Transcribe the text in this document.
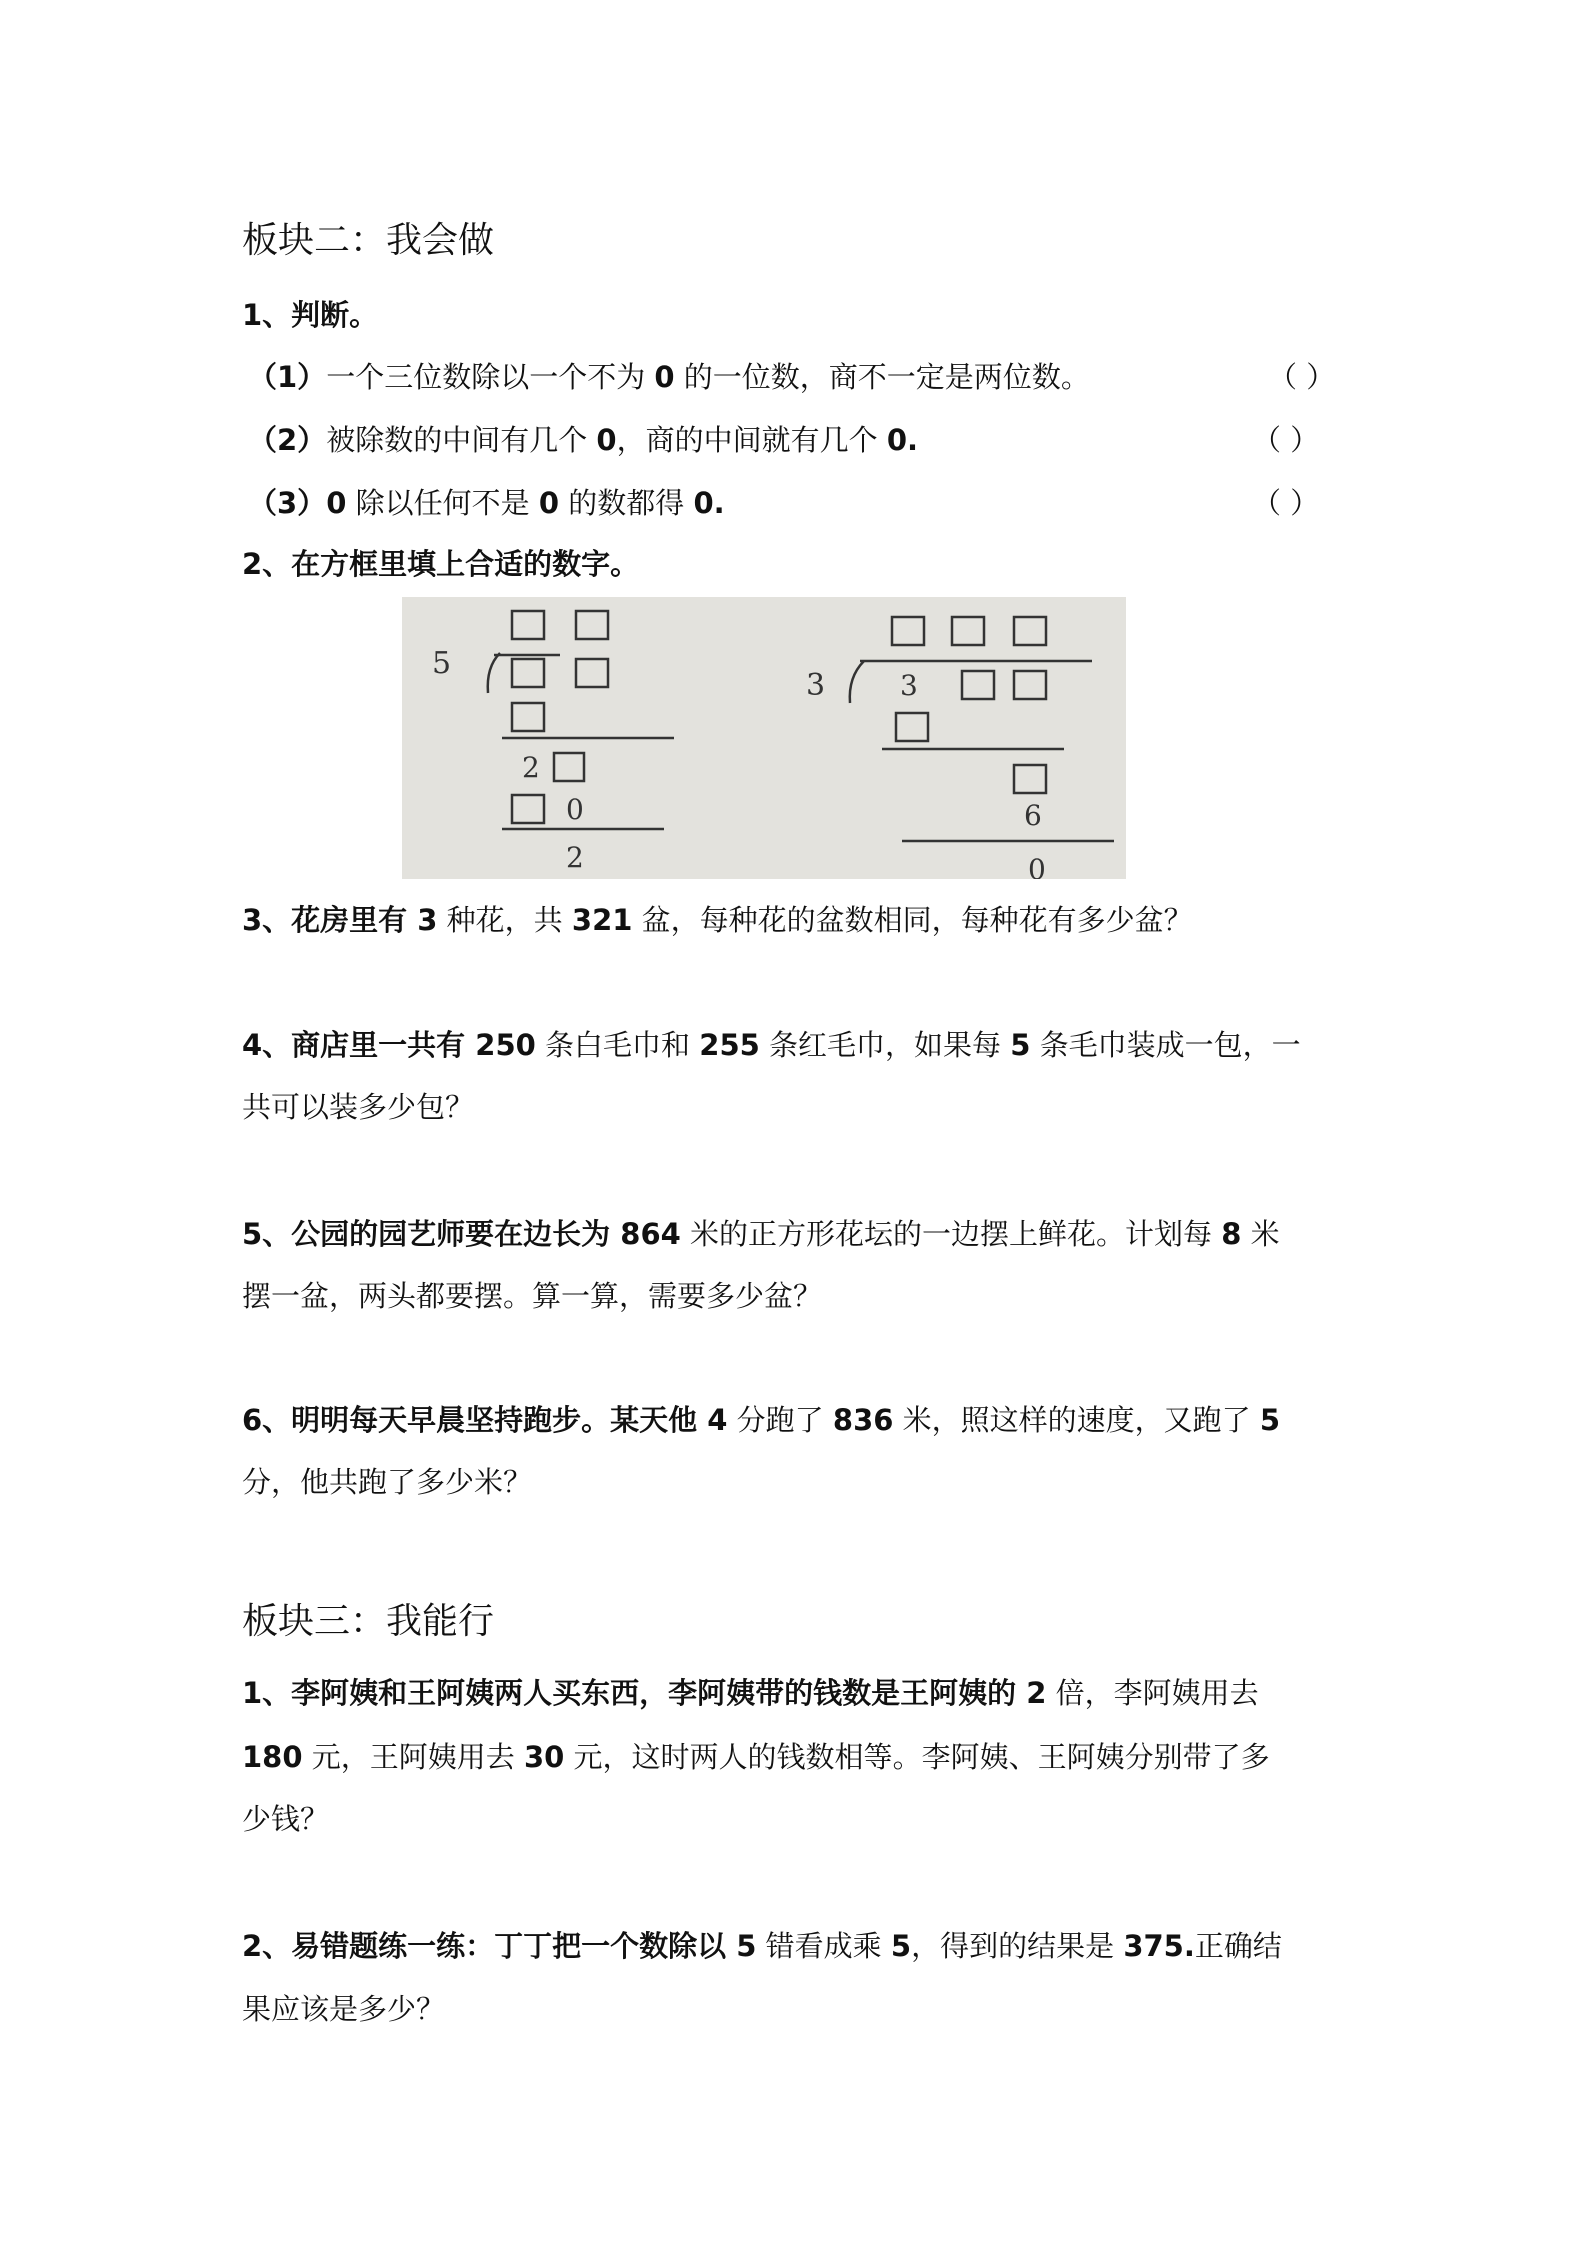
板块二：我会做
1、判断。
（1）一个三位数除以一个不为 0 的一位数，商不一定是两位数。	（ ）
（2）被除数的中间有几个 0，商的中间就有几个 0.	（ ）
（3）0 除以任何不是 0 的数都得 0.	（ ）
2、在方框里填上合适的数字。
5
2
0
2
3	3
6
0
3、花房里有 3 种花，共 321 盆，每种花的盆数相同，每种花有多少盆？
4、商店里一共有 250 条白毛巾和 255 条红毛巾，如果每 5 条毛巾装成一包，一
共可以装多少包？
5、公园的园艺师要在边长为 864 米的正方形花坛的一边摆上鲜花。计划每 8 米
摆一盆，两头都要摆。算一算，需要多少盆？
6、明明每天早晨坚持跑步。某天他 4 分跑了 836 米，照这样的速度，又跑了 5
分，他共跑了多少米？
板块三：我能行
1、李阿姨和王阿姨两人买东西，李阿姨带的钱数是王阿姨的 2 倍，李阿姨用去
180 元，王阿姨用去 30 元，这时两人的钱数相等。李阿姨、王阿姨分别带了多
少钱？
2、易错题练一练：丁丁把一个数除以 5 错看成乘 5，得到的结果是 375.正确结
果应该是多少？
